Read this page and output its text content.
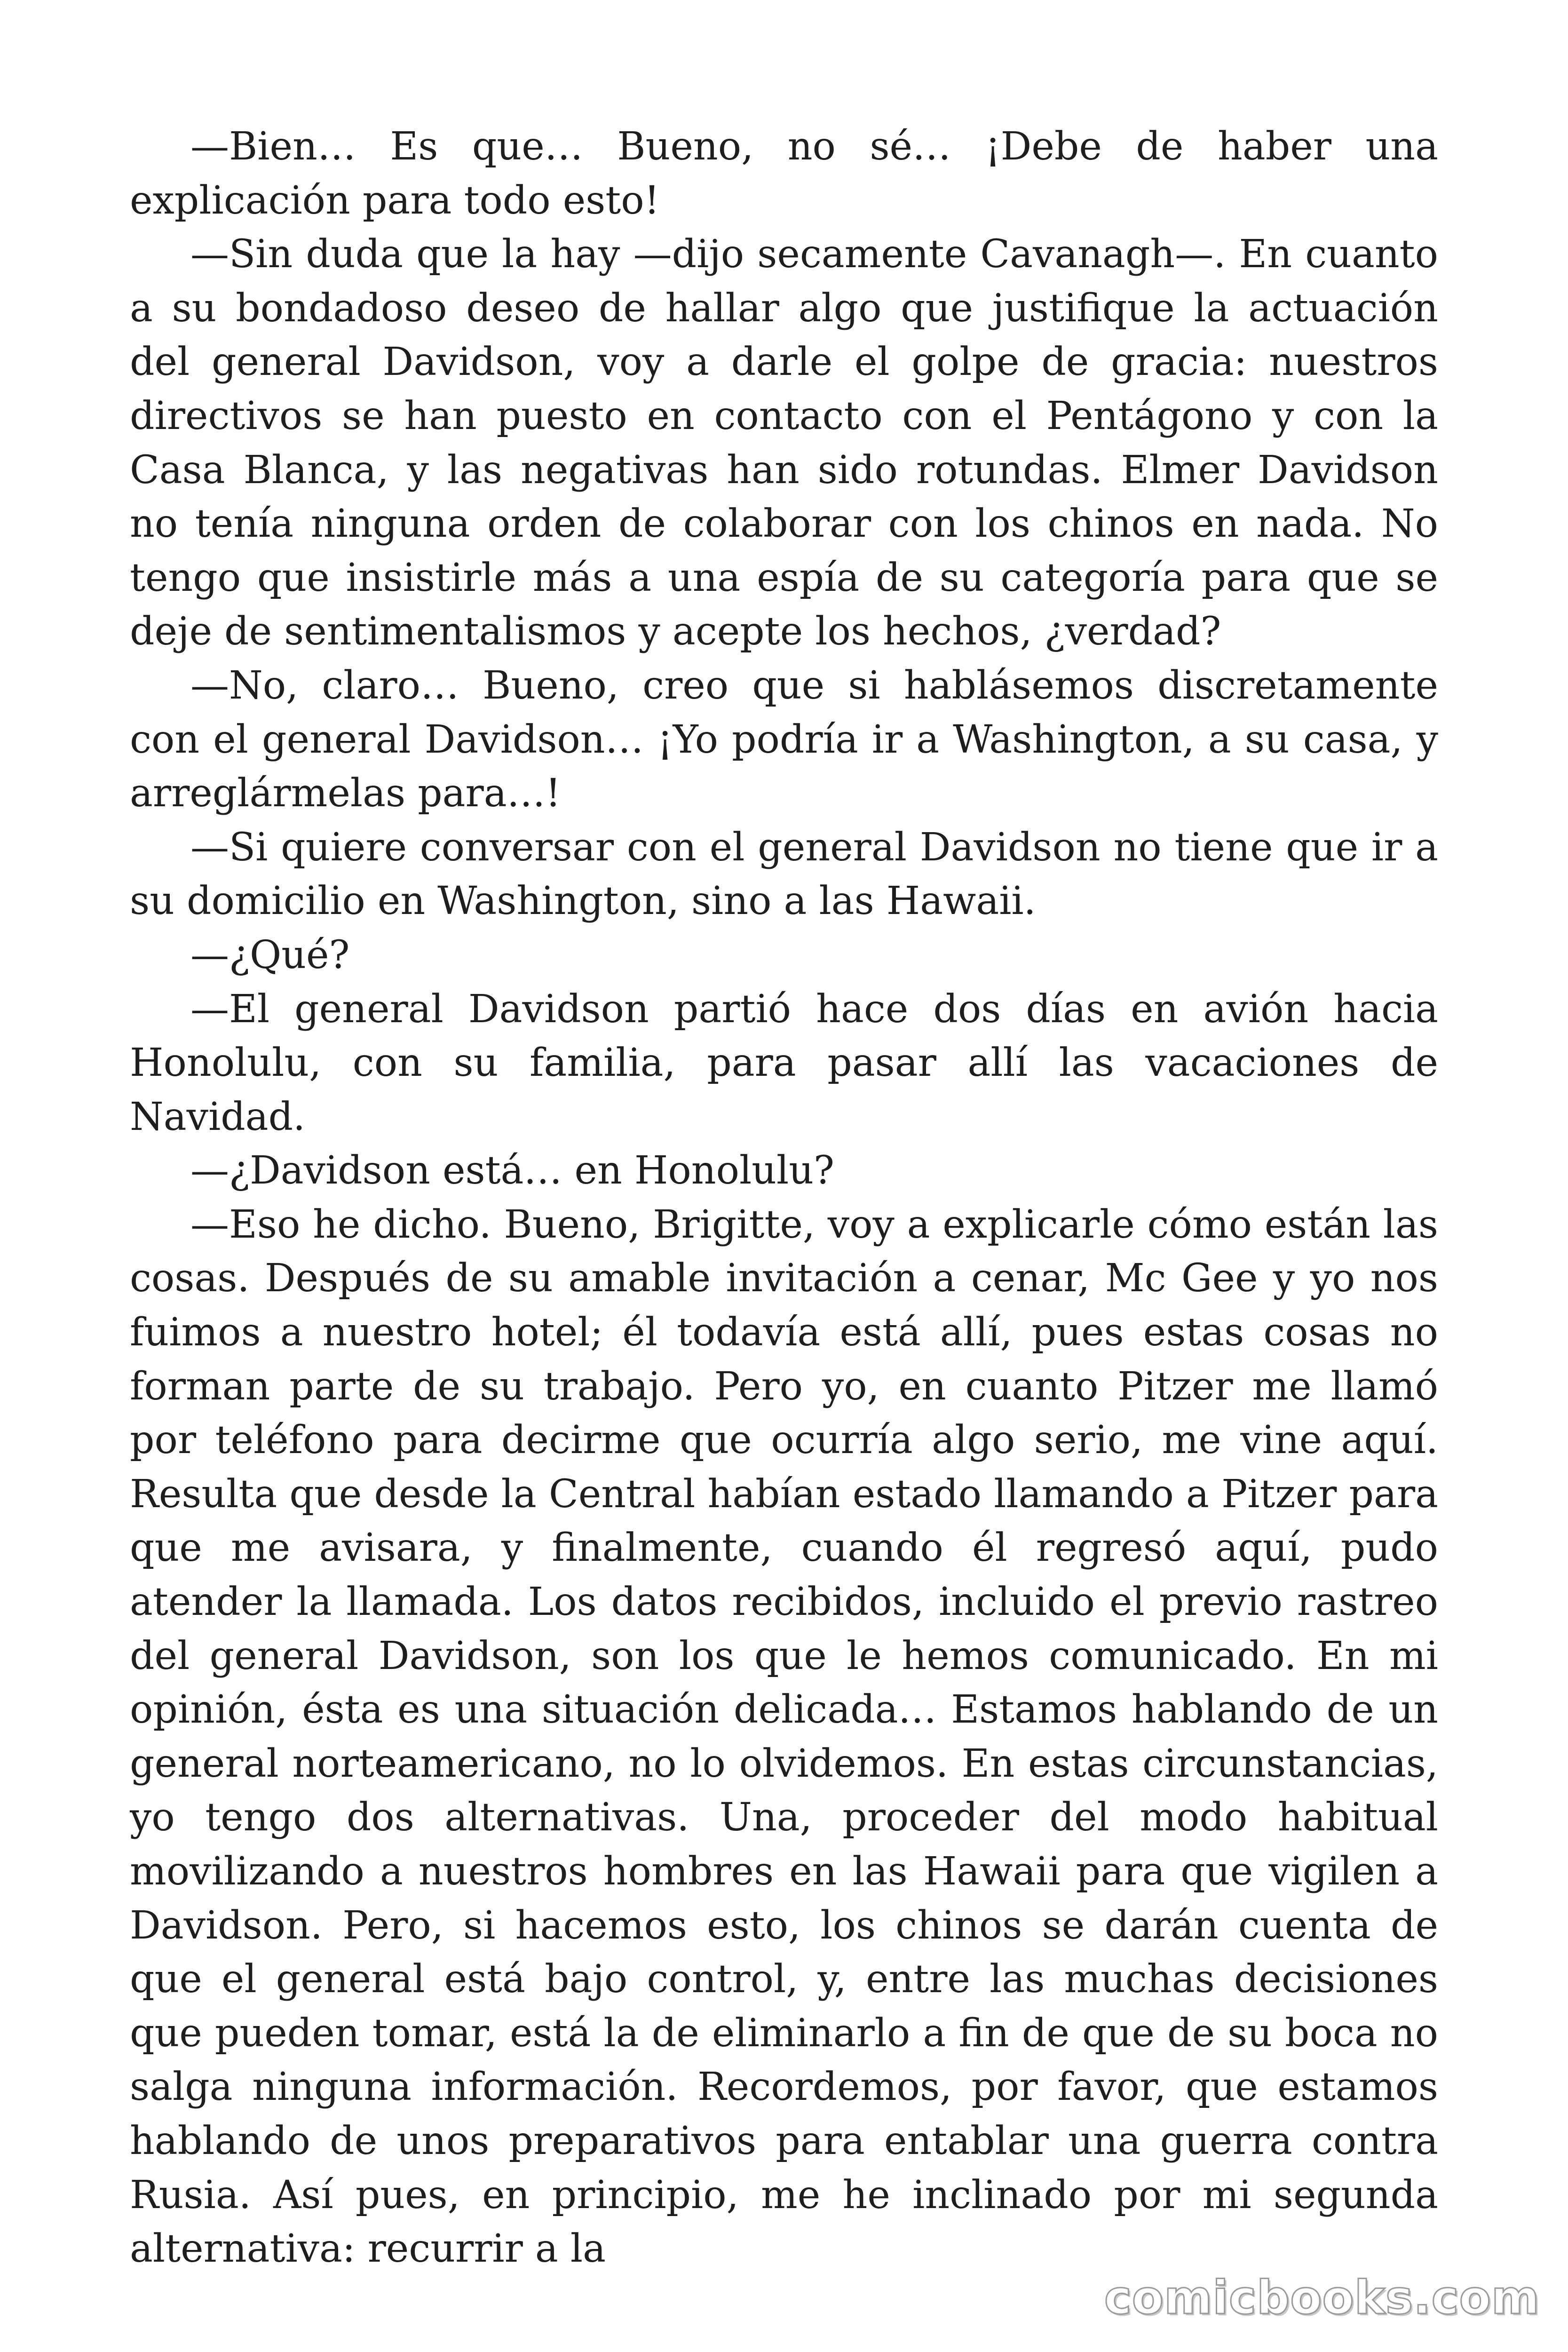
—Bien… Es que… Bueno, no sé… ¡Debe de haber una explicación para todo esto!

—Sin duda que la hay —dijo secamente Cavanagh—. En cuanto a su bondadoso deseo de hallar algo que justifique la actuación del general Davidson, voy a darle el golpe de gracia: nuestros directivos se han puesto en contacto con el Pentágono y con la Casa Blanca, y las negativas han sido rotundas. Elmer Davidson no tenía ninguna orden de colaborar con los chinos en nada. No tengo que insistirle más a una espía de su categoría para que se deje de sentimentalismos y acepte los hechos, ¿verdad?

—No, claro… Bueno, creo que si hablásemos discretamente con el general Davidson… ¡Yo podría ir a Washington, a su casa, y arreglármelas para…!

—Si quiere conversar con el general Davidson no tiene que ir a su domicilio en Washington, sino a las Hawaii.

—¿Qué?

—El general Davidson partió hace dos días en avión hacia Honolulu, con su familia, para pasar allí las vacaciones de Navidad.

—¿Davidson está… en Honolulu?

—Eso he dicho. Bueno, Brigitte, voy a explicarle cómo están las cosas. Después de su amable invitación a cenar, Mc Gee y yo nos fuimos a nuestro hotel; él todavía está allí, pues estas cosas no forman parte de su trabajo. Pero yo, en cuanto Pitzer me llamó por teléfono para decirme que ocurría algo serio, me vine aquí. Resulta que desde la Central habían estado llamando a Pitzer para que me avisara, y finalmente, cuando él regresó aquí, pudo atender la llamada. Los datos recibidos, incluido el previo rastreo del general Davidson, son los que le hemos comunicado. En mi opinión, ésta es una situación delicada… Estamos hablando de un general norteamericano, no lo olvidemos. En estas circunstancias, yo tengo dos alternativas. Una, proceder del modo habitual movilizando a nuestros hombres en las Hawaii para que vigilen a Davidson. Pero, si hacemos esto, los chinos se darán cuenta de que el general está bajo control, y, entre las muchas decisiones que pueden tomar, está la de eliminarlo a fin de que de su boca no salga ninguna información. Recordemos, por favor, que estamos hablando de unos preparativos para entablar una guerra contra Rusia. Así pues, en principio, me he inclinado por mi segunda alternativa: recurrir a la

comicbooks.com
